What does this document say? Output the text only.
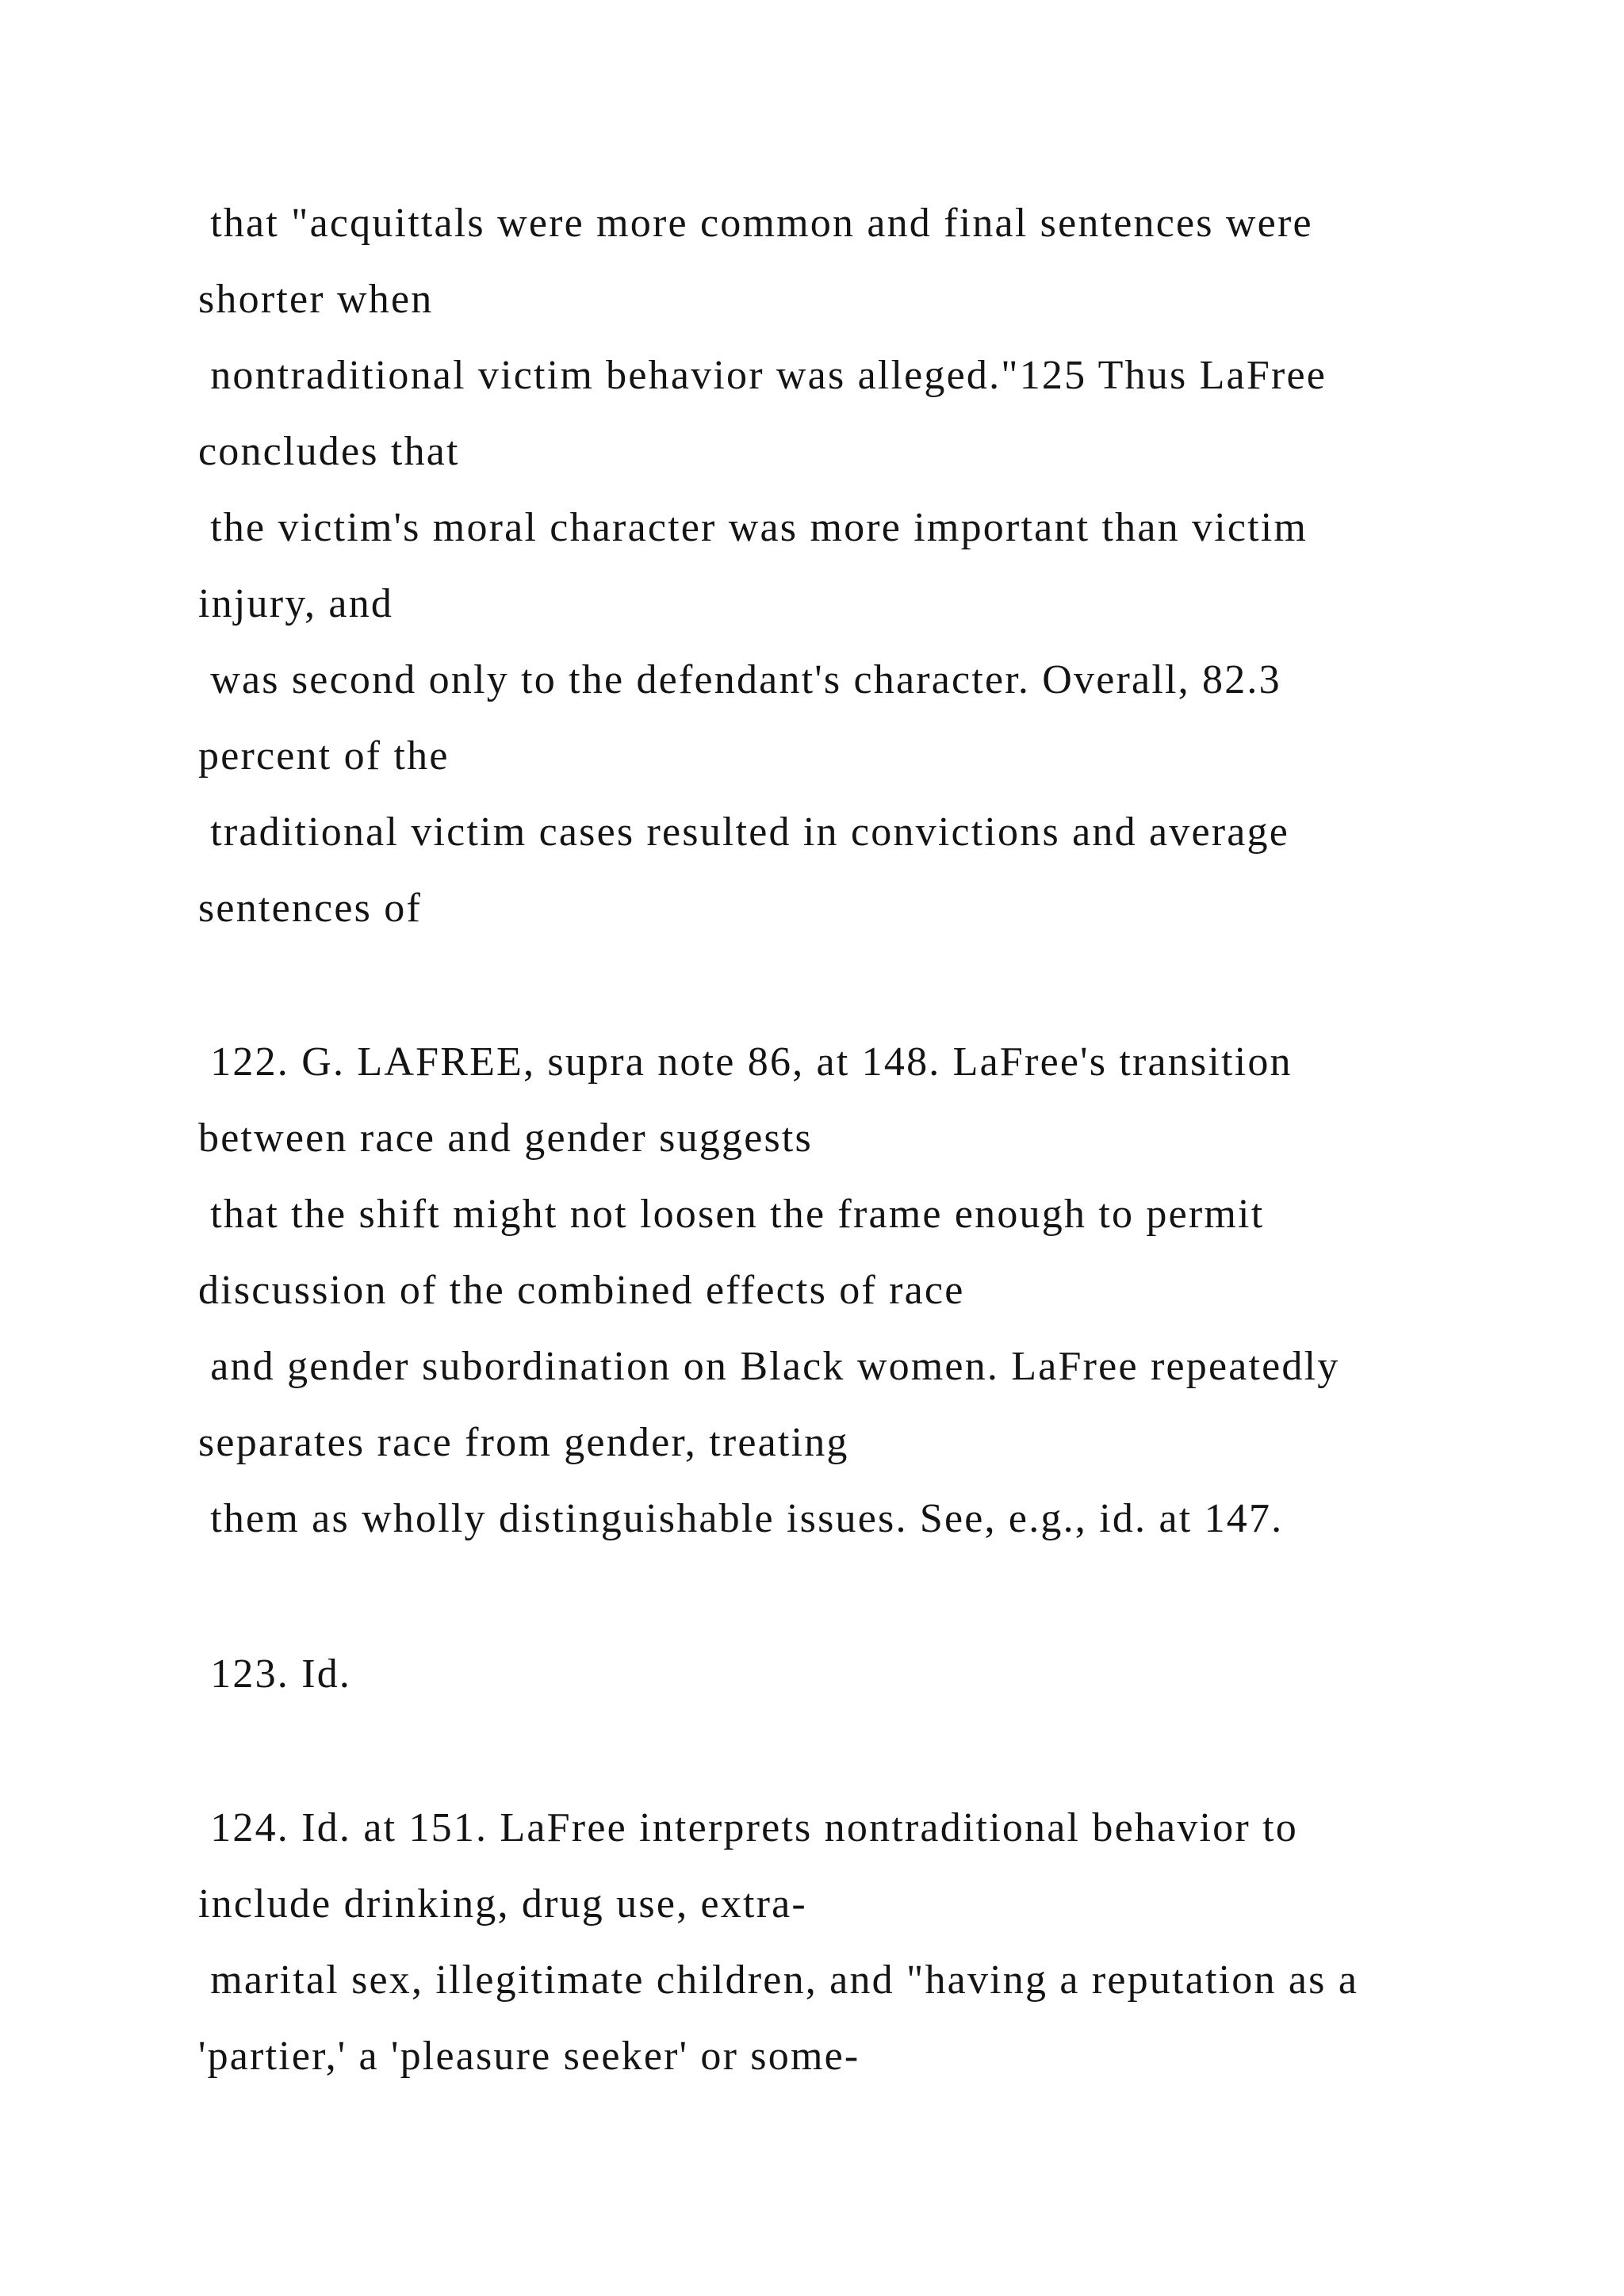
that "acquittals were more common and final sentences were

shorter when

nontraditional victim behavior was alleged."125 Thus LaFree

concludes that

the victim's moral character was more important than victim

injury, and

was second only to the defendant's character. Overall, 82.3

percent of the

traditional victim cases resulted in convictions and average

sentences of

122. G. LAFREE, supra note 86, at 148. LaFree's transition

between race and gender suggests

that the shift might not loosen the frame enough to permit

discussion of the combined effects of race

and gender subordination on Black women. LaFree repeatedly

separates race from gender, treating

them as wholly distinguishable issues. See, e.g., id. at 147.

123. Id.

124. Id. at 151. LaFree interprets nontraditional behavior to

include drinking, drug use, extra-

marital sex, illegitimate children, and "having a reputation as a

'partier,' a 'pleasure seeker' or some-
